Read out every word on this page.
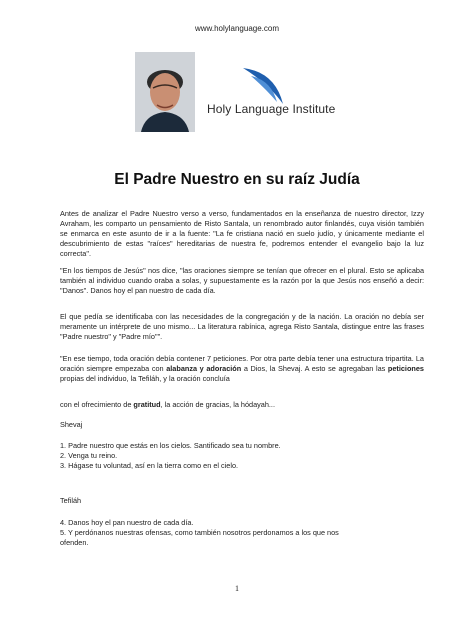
www.holylanguage.com
Holy Language Institute
El Padre Nuestro en su raíz Judía
Antes de analizar el Padre Nuestro verso a verso, fundamentados en la enseñanza de nuestro director, Izzy Avraham, les comparto un pensamiento de Risto Santala, un renombrado autor finlandés, cuya visión también se enmarca en este asunto de ir a la fuente: "La fe cristiana nació en suelo judío, y únicamente mediante el descubrimiento de estas "raíces" hereditarias de nuestra fe, podremos entender el evangelio bajo la luz correcta".
"En los tiempos de Jesús" nos dice, "las oraciones siempre se tenían que ofrecer en el plural. Esto se aplicaba también al individuo cuando oraba a solas, y supuestamente es la razón por la que Jesús nos enseñó a decir: "Danos". Danos hoy el pan nuestro de cada día.
El que pedía se identificaba con las necesidades de la congregación y de la nación. La oración no debía ser meramente un intérprete de uno mismo... La literatura rabínica, agrega Risto Santala, distingue entre las frases "Padre nuestro" y "Padre mío"".
"En ese tiempo, toda oración debía contener 7 peticiones. Por otra parte debía tener una estructura tripartita. La oración siempre empezaba con alabanza y adoración a Dios, la Shevaj. A esto se agregaban las peticiones propias del individuo, la Tefiláh, y la oración concluía
con el ofrecimiento de gratitud, la acción de gracias, la hódayah...
Shevaj
1. Padre nuestro que estás en los cielos. Santificado sea tu nombre.
2. Venga tu reino.
3. Hágase tu voluntad, así en la tierra como en el cielo.
Tefiláh
4. Danos hoy el pan nuestro de cada día.
5. Y perdónanos nuestras ofensas, como también nosotros perdonamos a los que nos
ofenden.
1
